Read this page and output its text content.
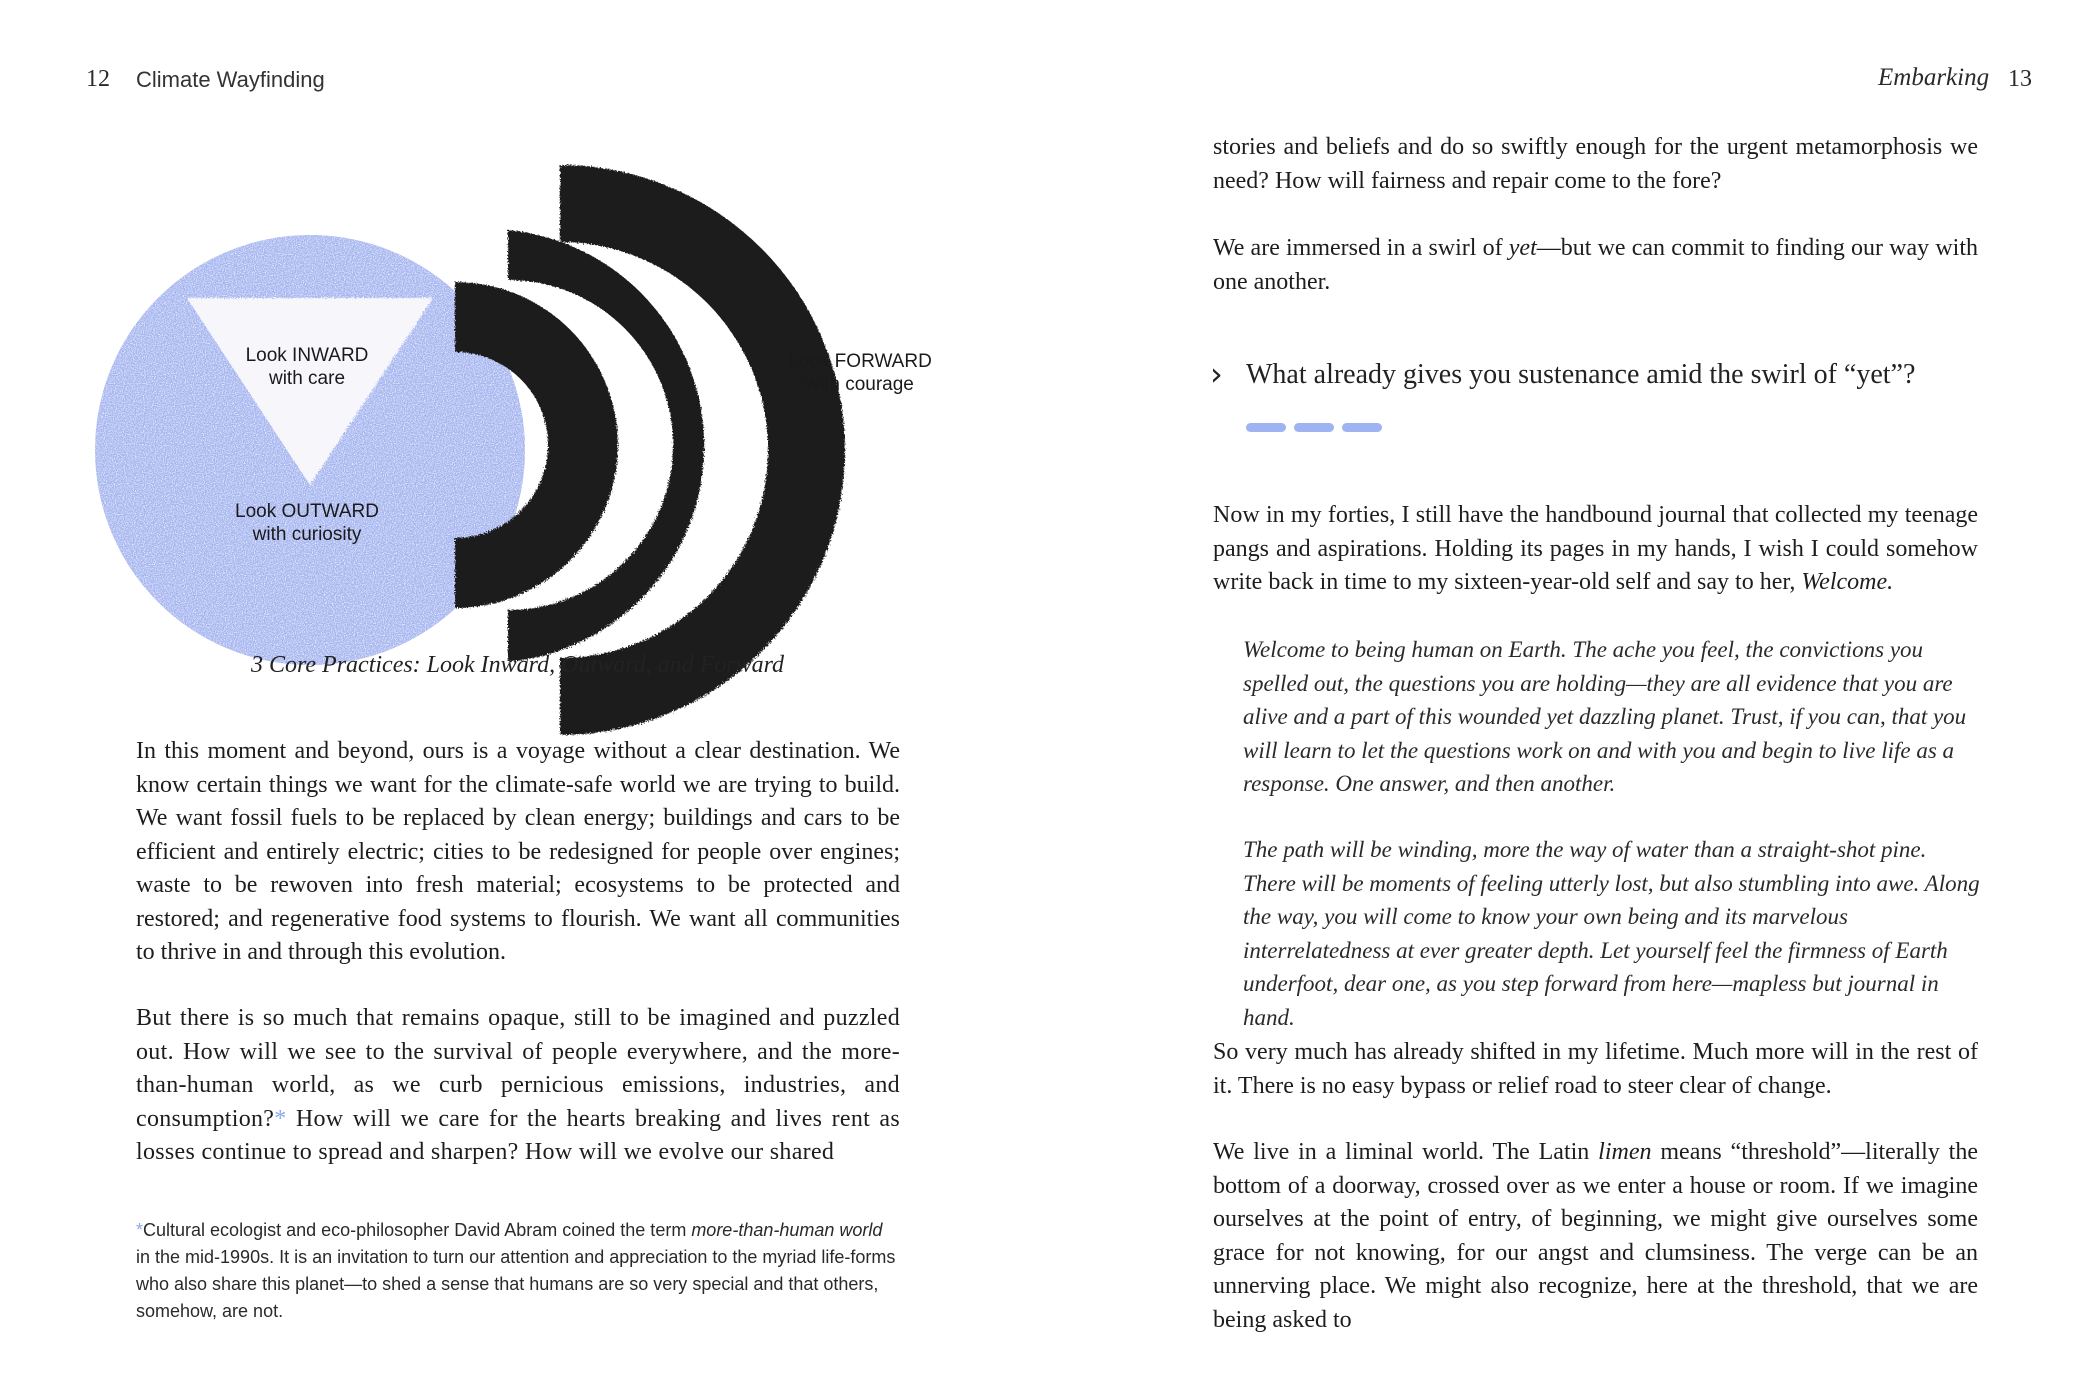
12 Climate Wayfinding
Look INWARD
with care
Look OUTWARD
with curiosity
Look FORWARD
with courage
3 Core Practices: Look Inward, Outward, and Forward

In this moment and beyond, ours is a voyage without a clear destination. We know certain things we want for the climate-safe world we are trying to build. We want fossil fuels to be replaced by clean energy; buildings and cars to be efficient and entirely electric; cities to be redesigned for people over engines; waste to be rewoven into fresh material; ecosystems to be protected and restored; and regenerative food systems to flourish. We want all communities to thrive in and through this evolution.

But there is so much that remains opaque, still to be imagined and puzzled out. How will we see to the survival of people everywhere, and the more-than-human world, as we curb pernicious emissions, industries, and consumption?* How will we care for the hearts breaking and lives rent as losses continue to spread and sharpen? How will we evolve our shared

*Cultural ecologist and eco-philosopher David Abram coined the term more-than-human world in the mid-1990s. It is an invitation to turn our attention and appreciation to the myriad life-forms who also share this planet—to shed a sense that humans are so very special and that others, somehow, are not.
Embarking 13

stories and beliefs and do so swiftly enough for the urgent metamorphosis we need? How will fairness and repair come to the fore?

We are immersed in a swirl of yet—but we can commit to finding our way with one another.

› What already gives you sustenance amid the swirl of “yet”?

Now in my forties, I still have the handbound journal that collected my teenage pangs and aspirations. Holding its pages in my hands, I wish I could somehow write back in time to my sixteen-year-old self and say to her, Welcome.

Welcome to being human on Earth. The ache you feel, the convictions you spelled out, the questions you are holding—they are all evidence that you are alive and a part of this wounded yet dazzling planet. Trust, if you can, that you will learn to let the questions work on and with you and begin to live life as a response. One answer, and then another.

The path will be winding, more the way of water than a straight-shot pine. There will be moments of feeling utterly lost, but also stumbling into awe. Along the way, you will come to know your own being and its marvelous interrelatedness at ever greater depth. Let yourself feel the firmness of Earth underfoot, dear one, as you step forward from here—mapless but journal in hand.

So very much has already shifted in my lifetime. Much more will in the rest of it. There is no easy bypass or relief road to steer clear of change.

We live in a liminal world. The Latin limen means “threshold”—literally the bottom of a doorway, crossed over as we enter a house or room. If we imagine ourselves at the point of entry, of beginning, we might give ourselves some grace for not knowing, for our angst and clumsiness. The verge can be an unnerving place. We might also recognize, here at the threshold, that we are being asked to
